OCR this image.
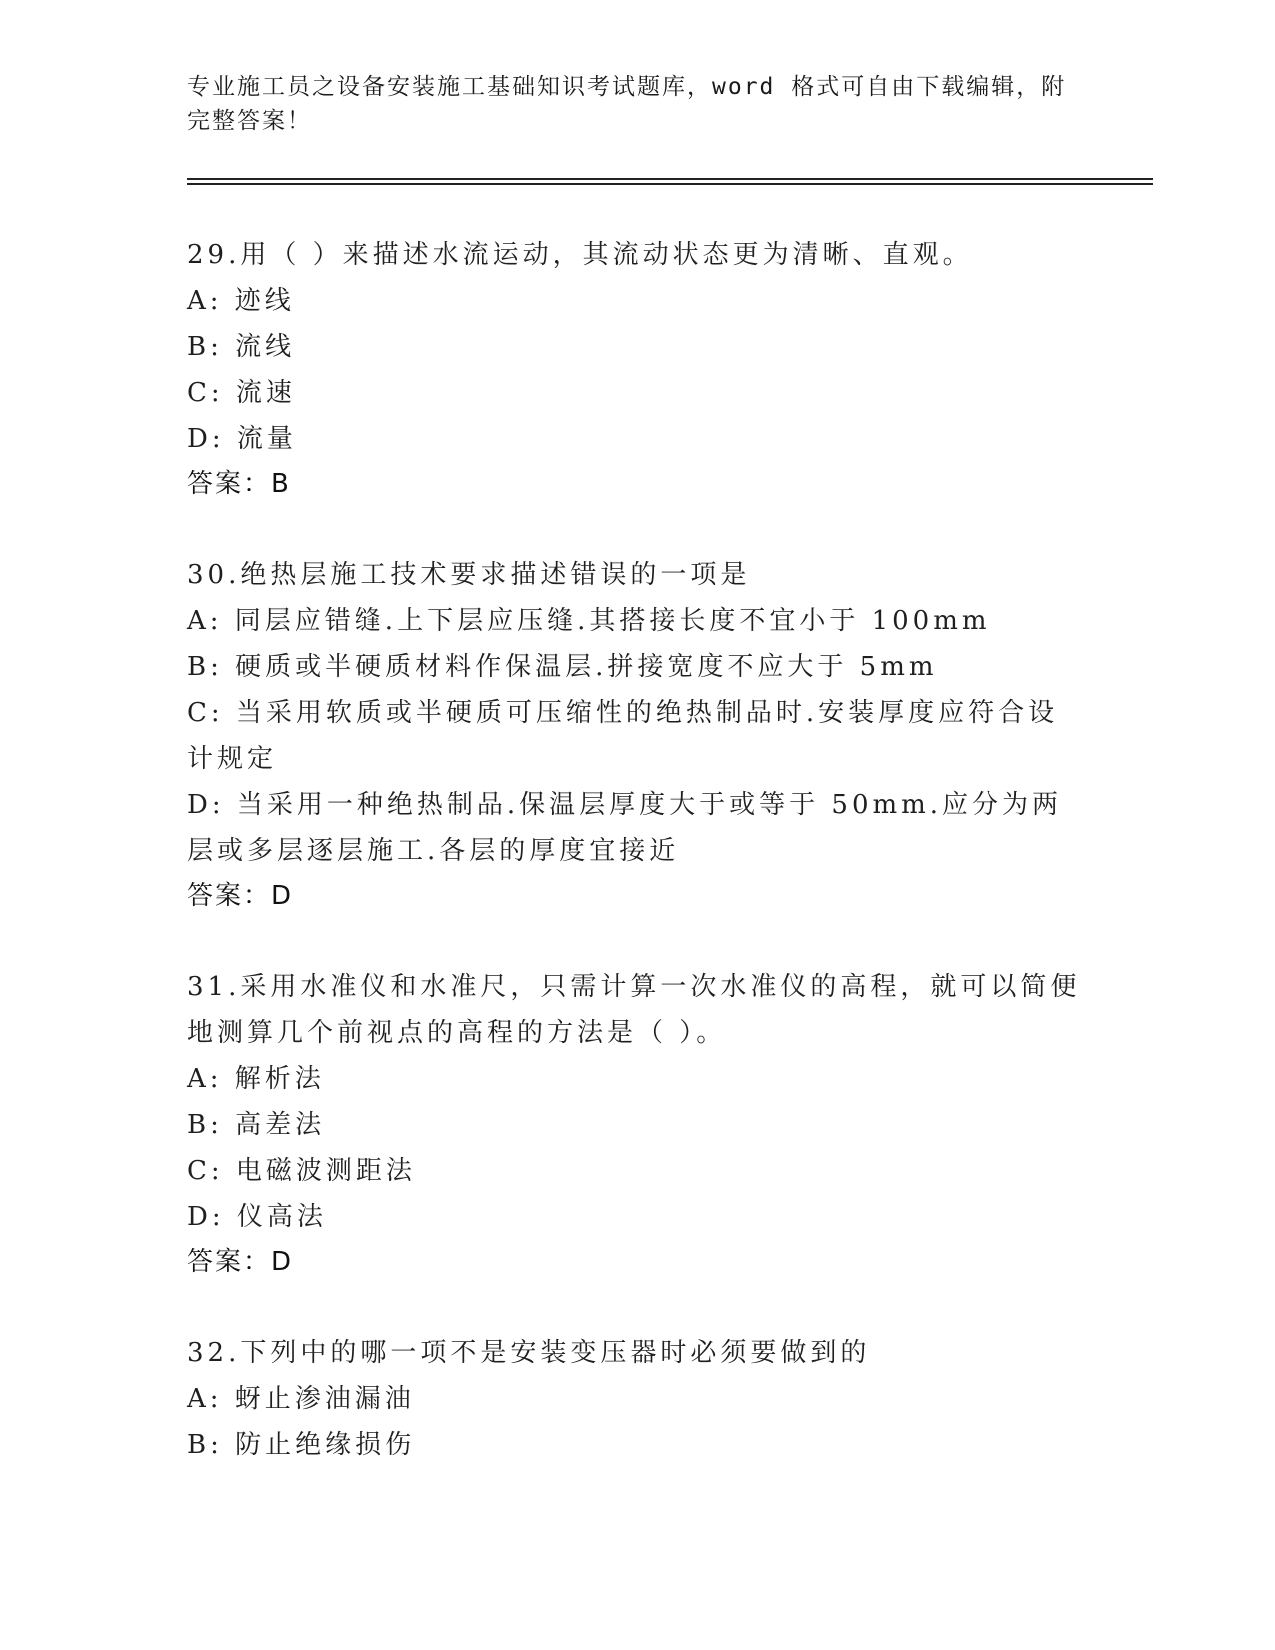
专业施工员之设备安装施工基础知识考试题库，word 格式可自由下载编辑，附完整答案！
29.用（ ）来描述水流运动，其流动状态更为清晰、直观。
A: 迹线
B: 流线
C: 流速
D: 流量
答案：B
30.绝热层施工技术要求描述错误的一项是
A: 同层应错缝.上下层应压缝.其搭接长度不宜小于 100mm
B: 硬质或半硬质材料作保温层.拼接宽度不应大于 5mm
C: 当采用软质或半硬质可压缩性的绝热制品时.安装厚度应符合设计规定
D: 当采用一种绝热制品.保温层厚度大于或等于 50mm.应分为两层或多层逐层施工.各层的厚度宜接近
答案：D
31.采用水准仪和水准尺，只需计算一次水准仪的高程，就可以简便地测算几个前视点的高程的方法是（ ）。
A: 解析法
B: 高差法
C: 电磁波测距法
D: 仪高法
答案：D
32.下列中的哪一项不是安装变压器时必须要做到的
A: 蚜止渗油漏油
B: 防止绝缘损伤
